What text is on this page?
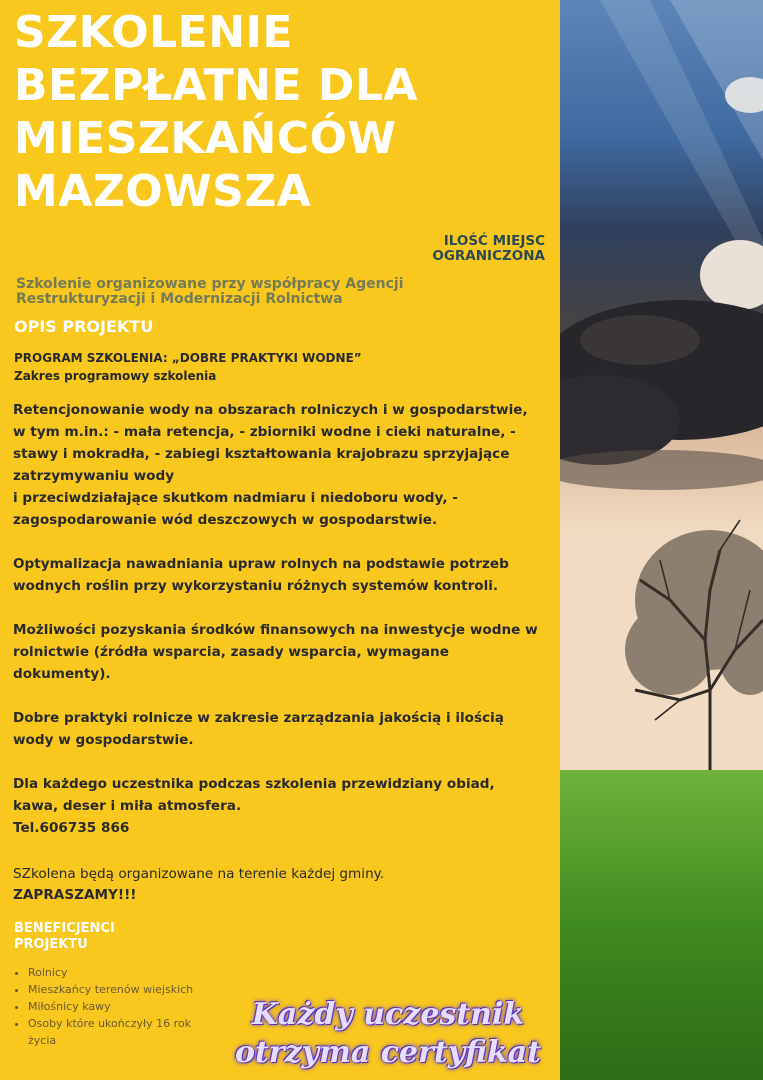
SZKOLENIE BEZPŁATNE DLA MIESZKAŃCÓW MAZOWSZA
ILOŚĆ MIEJSC OGRANICZONA
Szkolenie organizowane przy współpracy Agencji Restrukturyzacji i Modernizacji Rolnictwa
OPIS PROJEKTU
PROGRAM SZKOLENIA: „DOBRE PRAKTYKI WODNE”
Zakres programowy szkolenia

Retencjonowanie wody na obszarach rolniczych i w gospodarstwie, w tym m.in.: - mała retencja, - zbiorniki wodne i cieki naturalne, - stawy i mokradła, - zabiegi kształtowania krajobrazu sprzyjające zatrzymywaniu wody
i przeciwdziałające skutkom nadmiaru i niedoboru wody, - zagospodarowanie wód deszczowych w gospodarstwie.

Optymalizacja nawadniania upraw rolnych na podstawie potrzeb wodnych roślin przy wykorzystaniu różnych systemów kontroli.

Możliwości pozyskania środków finansowych na inwestycje wodne w rolnictwie (źródła wsparcia, zasady wsparcia, wymagane dokumenty).

Dobre praktyki rolnicze w zakresie zarządzania jakością i ilością wody w gospodarstwie.

Dla każdego uczestnika podczas szkolenia przewidziany obiad, kawa, deser i miła atmosfera.

Tel.606735 866

SZkolena będą organizowane na terenie każdej gminy.
ZAPRASZAMY!!!
BENEFICJENCI PROJEKTU
• Rolnicy
• Mieszkańcy terenów wiejskich
• Miłośnicy kawy
• Osoby które ukończyły 16 rok życia
Każdy uczestnik otrzyma certyfikat
